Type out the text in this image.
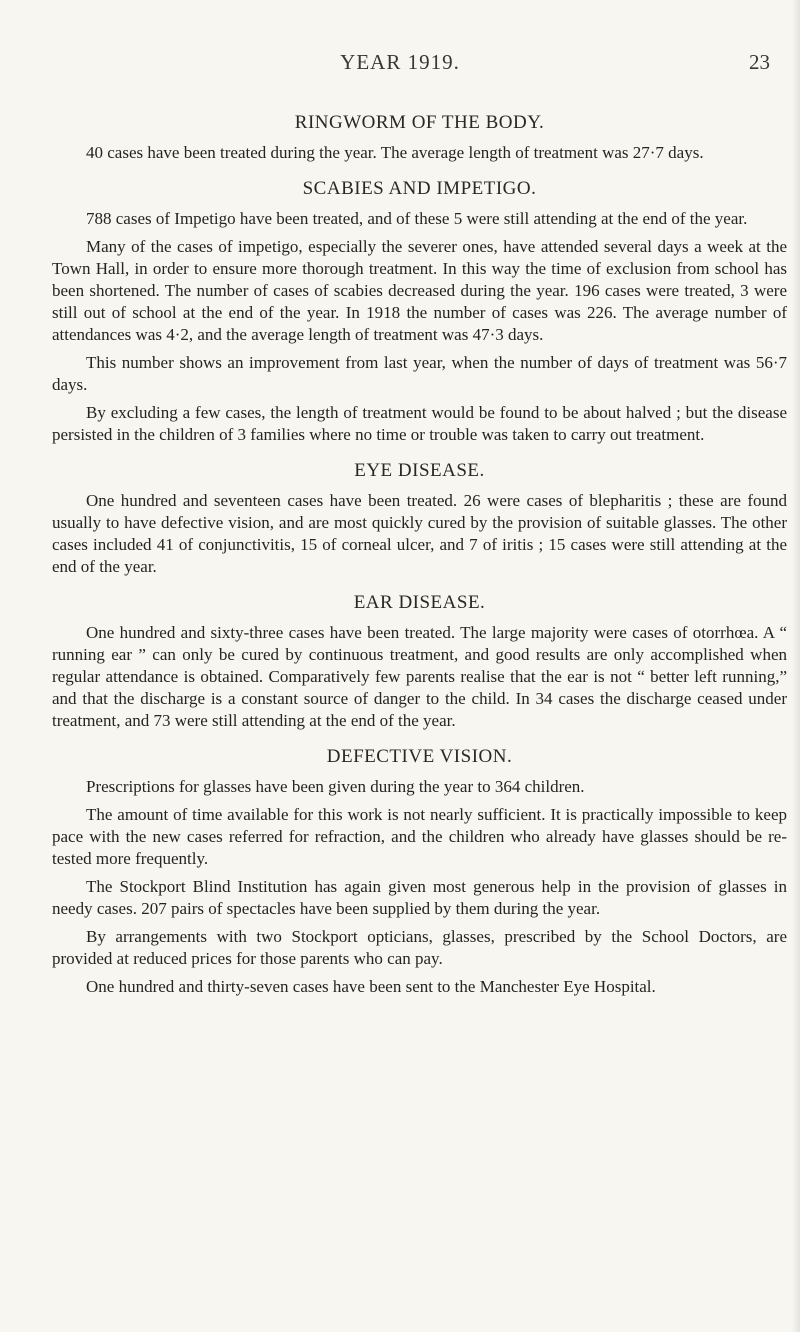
YEAR 1919.	23
RINGWORM OF THE BODY.

40 cases have been treated during the year. The average length of treatment was 27·7 days.

SCABIES AND IMPETIGO.

788 cases of Impetigo have been treated, and of these 5 were still attending at the end of the year.

Many of the cases of impetigo, especially the severer ones, have attended several days a week at the Town Hall, in order to ensure more thorough treatment. In this way the time of exclusion from school has been shortened. The number of cases of scabies decreased during the year. 196 cases were treated, 3 were still out of school at the end of the year. In 1918 the number of cases was 226. The average number of attendances was 4·2, and the average length of treatment was 47·3 days.

This number shows an improvement from last year, when the number of days of treatment was 56·7 days.

By excluding a few cases, the length of treatment would be found to be about halved ; but the disease persisted in the children of 3 families where no time or trouble was taken to carry out treatment.

EYE DISEASE.

One hundred and seventeen cases have been treated. 26 were cases of blepharitis ; these are found usually to have defective vision, and are most quickly cured by the provision of suitable glasses. The other cases included 41 of conjunctivitis, 15 of corneal ulcer, and 7 of iritis ; 15 cases were still attending at the end of the year.

EAR DISEASE.

One hundred and sixty-three cases have been treated. The large majority were cases of otorrhœa. A “ running ear ” can only be cured by continuous treatment, and good results are only accomplished when regular attendance is obtained. Comparatively few parents realise that the ear is not “ better left running,” and that the discharge is a constant source of danger to the child. In 34 cases the discharge ceased under treatment, and 73 were still attending at the end of the year.

DEFECTIVE VISION.

Prescriptions for glasses have been given during the year to 364 children.

The amount of time available for this work is not nearly sufficient. It is practically impossible to keep pace with the new cases referred for refraction, and the children who already have glasses should be re-tested more frequently.

The Stockport Blind Institution has again given most generous help in the provision of glasses in needy cases. 207 pairs of spectacles have been supplied by them during the year.

By arrangements with two Stockport opticians, glasses, prescribed by the School Doctors, are provided at reduced prices for those parents who can pay.

One hundred and thirty-seven cases have been sent to the Manchester Eye Hospital.
